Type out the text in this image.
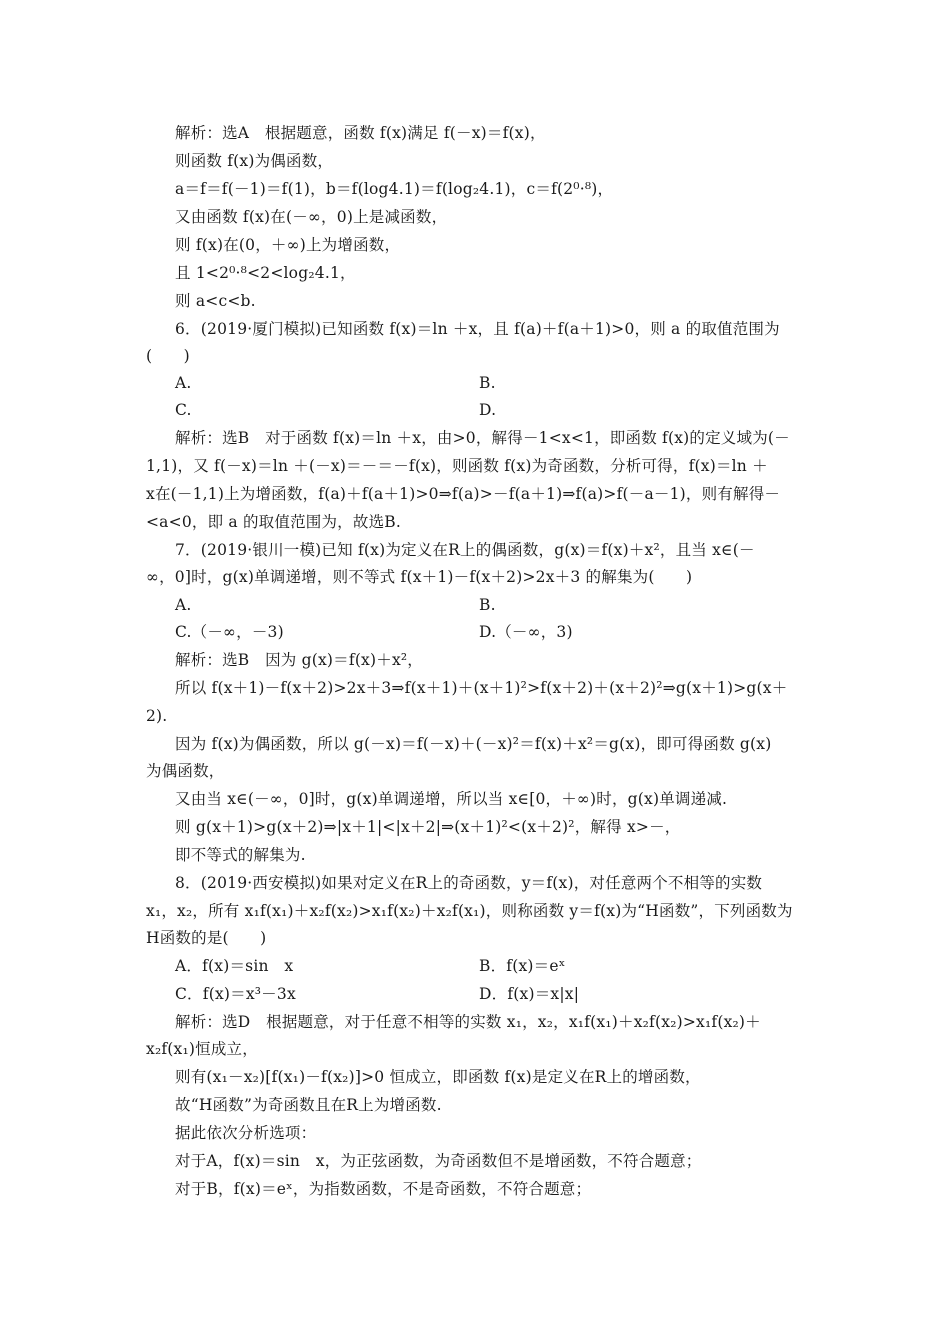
解析：选A　根据题意，函数 f(x)满足 f(－x)＝f(x)，
则函数 f(x)为偶函数，
a＝f＝f(－1)＝f(1)，b＝f(log4.1)＝f(log₂4.1)，c＝f(2⁰·⁸)，
又由函数 f(x)在(－∞，0)上是减函数，
则 f(x)在(0，＋∞)上为增函数，
且 1<2⁰·⁸<2<log₂4.1，
则 a<c<b.
6．(2019·厦门模拟)已知函数 f(x)＝ln ＋x，且 f(a)＋f(a＋1)>0，则 a 的取值范围为
(　　)
A.	B.
C.	D.
解析：选B　对于函数 f(x)＝ln ＋x，由>0，解得－1<x<1，即函数 f(x)的定义域为(－
1,1)，又 f(－x)＝ln ＋(－x)＝－＝－f(x)，则函数 f(x)为奇函数，分析可得，f(x)＝ln ＋
x在(－1,1)上为增函数，f(a)＋f(a＋1)>0⇒f(a)>－f(a＋1)⇒f(a)>f(－a－1)，则有解得－
<a<0，即 a 的取值范围为，故选B.
7．(2019·银川一模)已知 f(x)为定义在R上的偶函数，g(x)＝f(x)＋x²，且当 x∈(－
∞，0]时，g(x)单调递增，则不等式 f(x＋1)－f(x＋2)>2x＋3 的解集为(　　)
A.	B.
C.（－∞，－3)	D.（－∞，3)
解析：选B　因为 g(x)＝f(x)＋x²，
所以 f(x＋1)－f(x＋2)>2x＋3⇒f(x＋1)＋(x＋1)²>f(x＋2)＋(x＋2)²⇒g(x＋1)>g(x＋
2).
因为 f(x)为偶函数，所以 g(－x)＝f(－x)＋(－x)²＝f(x)＋x²＝g(x)，即可得函数 g(x)
为偶函数，
又由当 x∈(－∞，0]时，g(x)单调递增，所以当 x∈[0，＋∞)时，g(x)单调递减.
则 g(x＋1)>g(x＋2)⇒|x＋1|<|x＋2|⇒(x＋1)²<(x＋2)²，解得 x>－，
即不等式的解集为.
8．(2019·西安模拟)如果对定义在R上的奇函数，y＝f(x)，对任意两个不相等的实数
x₁，x₂，所有 x₁f(x₁)＋x₂f(x₂)>x₁f(x₂)＋x₂f(x₁)，则称函数 y＝f(x)为“H函数”，下列函数为
H函数的是(　　)
A．f(x)＝sin　x	B．f(x)＝eˣ
C．f(x)＝x³－3x	D．f(x)＝x|x|
解析：选D　根据题意，对于任意不相等的实数 x₁，x₂，x₁f(x₁)＋x₂f(x₂)>x₁f(x₂)＋
x₂f(x₁)恒成立，
则有(x₁－x₂)[f(x₁)－f(x₂)]>0 恒成立，即函数 f(x)是定义在R上的增函数，
故“H函数”为奇函数且在R上为增函数.
据此依次分析选项：
对于A，f(x)＝sin　x，为正弦函数，为奇函数但不是增函数，不符合题意；
对于B，f(x)＝eˣ，为指数函数，不是奇函数，不符合题意；
